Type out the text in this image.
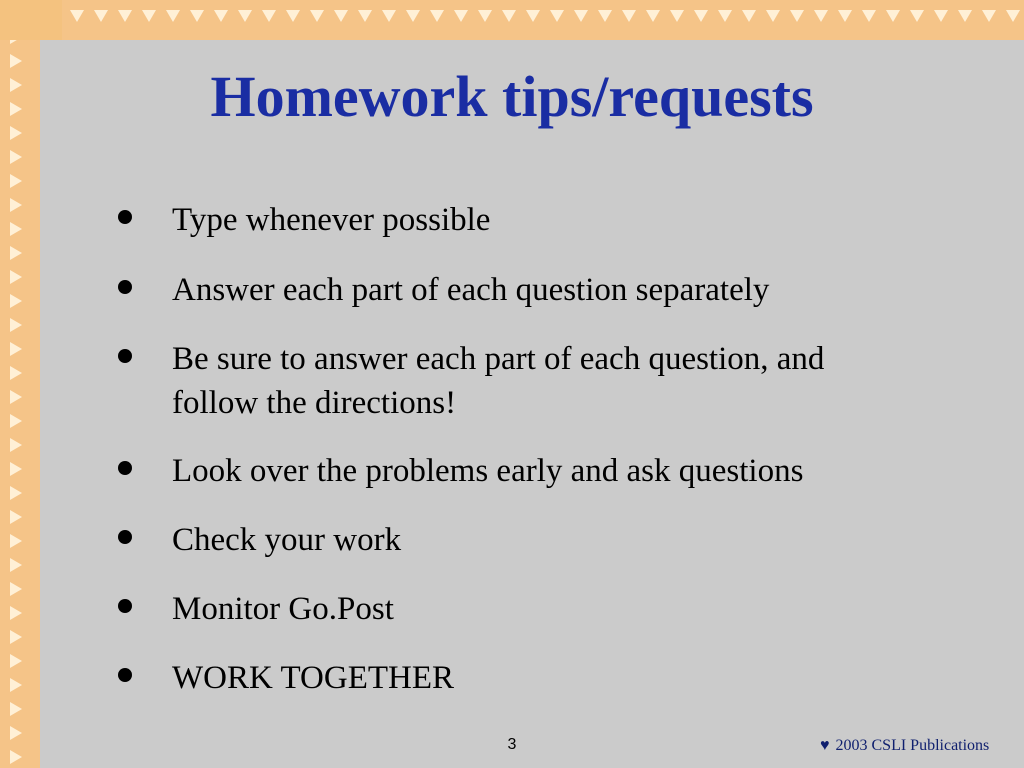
Homework tips/requests
Type whenever possible
Answer each part of each question separately
Be sure to answer each part of each question, and
follow the directions!
Look over the problems early and ask questions
Check your work
Monitor Go.Post
WORK TOGETHER
3	♥ 2003 CSLI Publications
